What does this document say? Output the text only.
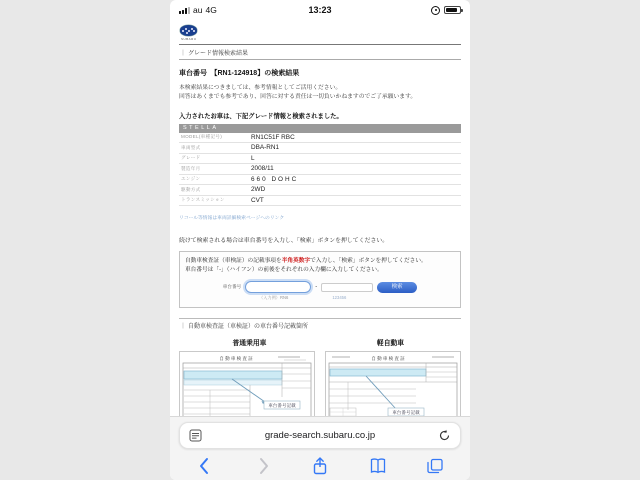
au 4G	13:23
SUBARU
｜ グレード情報検索結果
車台番号　【RN1-124918】の検索結果
本検索結果につきましては、参考情報としてご活用ください。
回答はあくまでも参考であり、回答に対する責任は一切負いかねますのでご了承願います。
入力されたお車は、下記グレード情報と検索されました。
STELLA
MODEL(車種記号)	RN1C51F RBC
車両型式	DBA-RN1
グレード	L
製造年月	2008/11
エンジン	660 DOHC
駆動方式	2WD
トランスミッション	CVT
リコール等情報は車両詳細検索ページへのリンク
続けて検索される場合は車台番号を入力し、「検索」ボタンを押してください。
自動車検査証（車検証）の記載事項を半角英数字で入力し、「検索」ボタンを押してください。
車台番号は「-」（ハイフン）の前後をそれぞれの入力欄に入力してください。
車台番号	-	検索
（入力例）RN6	123456
｜ 自動車検査証（車検証）の車台番号記載箇所
普通乗用車	軽自動車
自 動 車 検 査 証
車台番号記載
自 動 車 検 査 証
車台番号記載
grade-search.subaru.co.jp
